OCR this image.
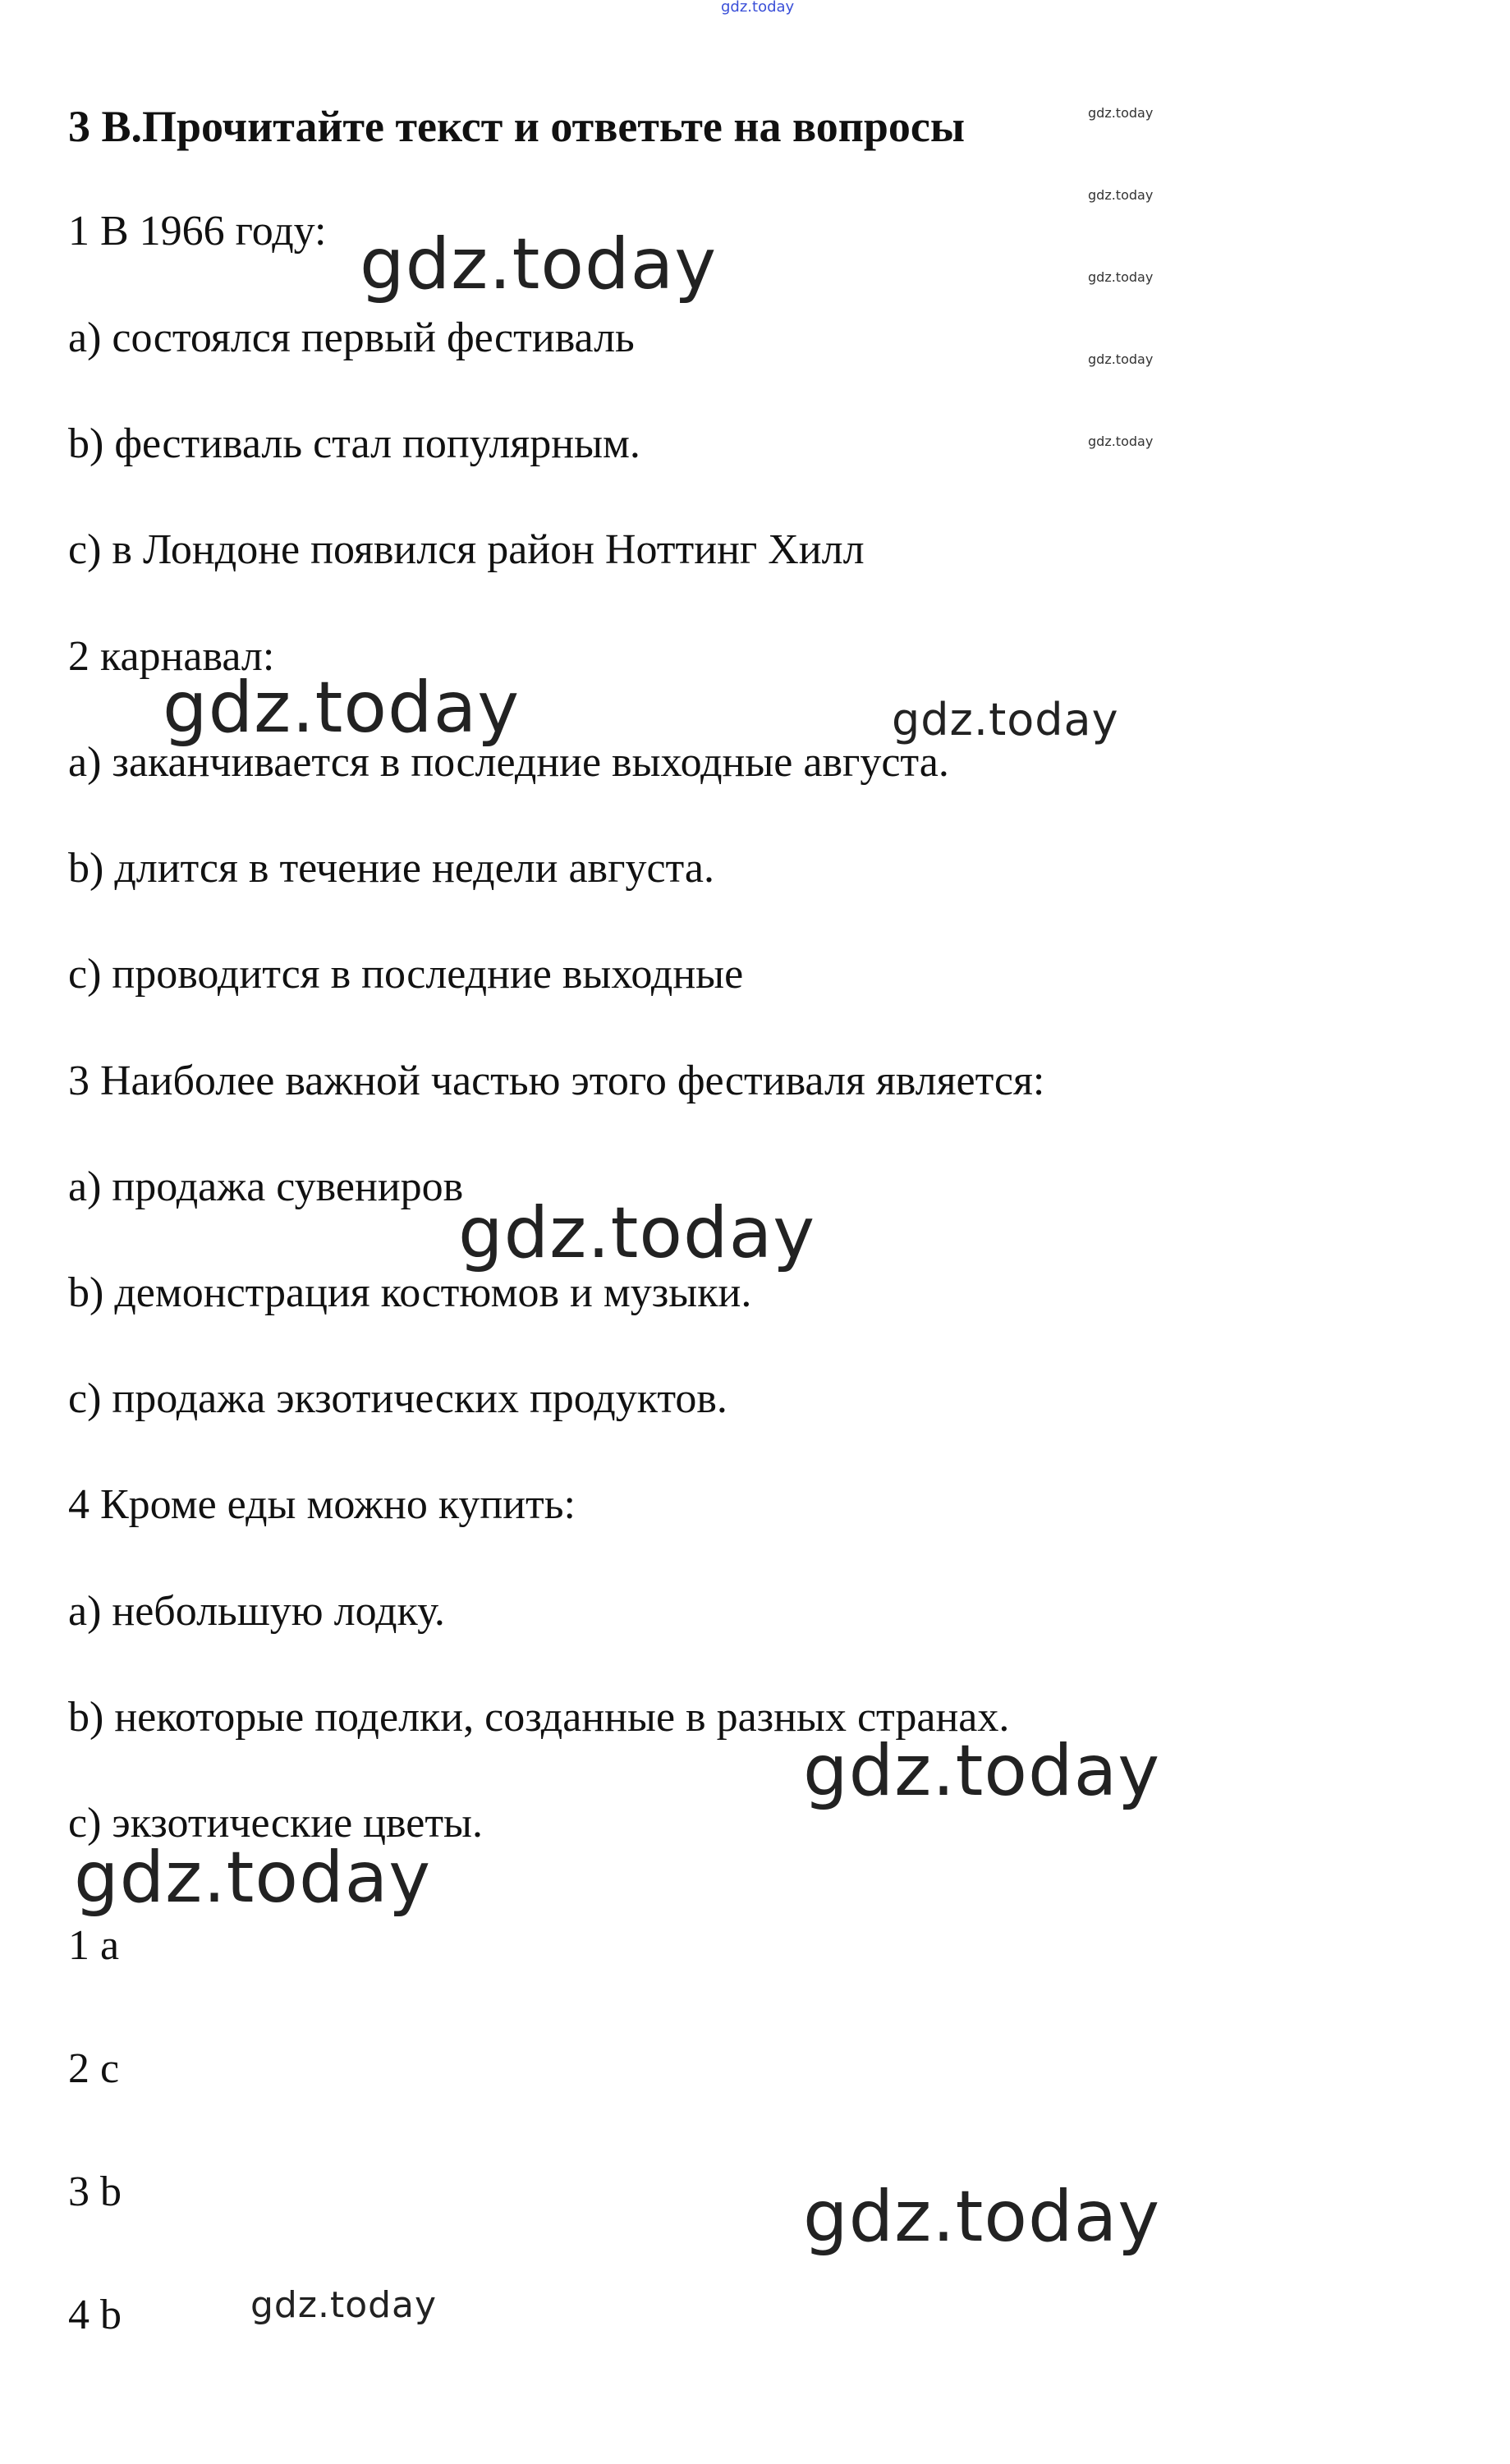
gdz.today
gdz.today
gdz.today
gdz.today
gdz.today
gdz.today
3 В.Прочитайте текст и ответьте на вопросы
1 В 1966 году:
а) состоялся первый фестиваль
b) фестиваль стал популярным.
c) в Лондоне появился район Ноттинг Хилл
2 карнавал:
а) заканчивается в последние выходные августа.
b) длится в течение недели августа.
c) проводится в последние выходные
3 Наиболее важной частью этого фестиваля является:
а) продажа сувениров
b) демонстрация костюмов и музыки.
c) продажа экзотических продуктов.
4 Кроме еды можно купить:
а) небольшую лодку.
b) некоторые поделки, созданные в разных странах.
c) экзотические цветы.
1 a
2 c
3 b
4 b
gdz.today
gdz.today	gdz.today
gdz.today
gdz.today
gdz.today
gdz.today
gdz.today
